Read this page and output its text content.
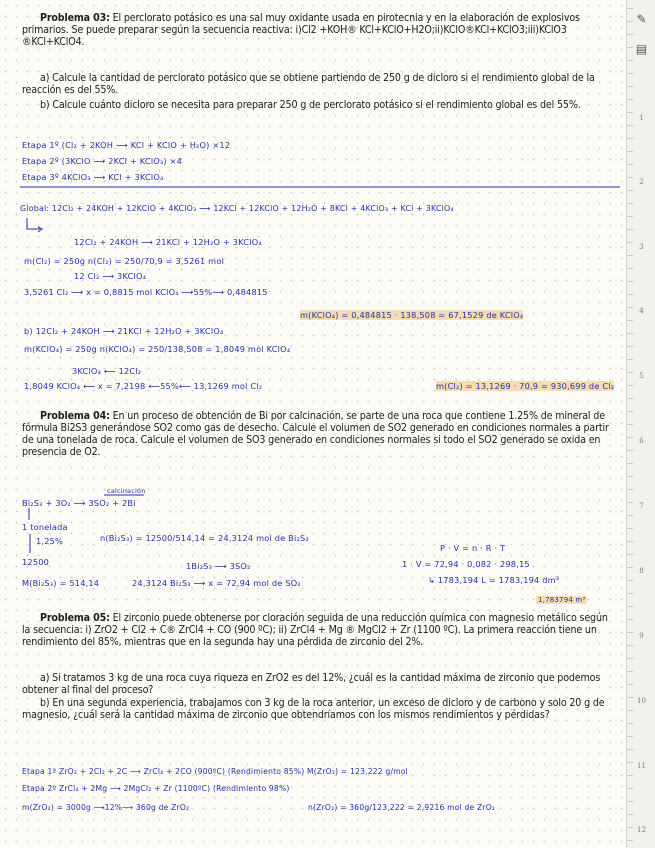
Problema 03: El perclorato potásico es una sal muy oxidante usada en pirotecnia y en la elaboración de explosivos primarios. Se puede preparar según la secuencia reactiva: i)Cl2 +KOH® KCl+KClO+H2O;ii)KClO®KCl+KClO3;iii)KClO3 ®KCl+KClO4.
a) Calcule la cantidad de perclorato potásico que se obtiene partiendo de 250 g de dicloro si el rendimiento global de la reacción es del 55%.
b) Calcule cuánto dicloro se necesita para preparar 250 g de perclorato potásico si el rendimiento global es del 55%.
Etapa 1º (Cl₂ + 2KOH ⟶ KCl + KClO + H₂O) ×12
Etapa 2º (3KClO ⟶ 2KCl + KClO₃) ×4
Etapa 3º 4KClO₃ ⟶ KCl + 3KClO₄
Global: 12Cl₂ + 24KOH + 12KClO + 4KClO₃ ⟶ 12KCl + 12KClO + 12H₂O + 8KCl + 4KClO₃ + KCl + 3KClO₄
12Cl₂ + 24KOH ⟶ 21KCl + 12H₂O + 3KClO₄
m(Cl₂) = 250g n(Cl₂) = 250/70,9 = 3,5261 mol
12 Cl₂ ⟶ 3KClO₄
3,5261 Cl₂ ⟶ x = 0,8815 mol KClO₄ ⟶55%⟶ 0,484815
m(KClO₄) = 0,484815 · 138,508 = 67,1529 de KClO₄
b) 12Cl₂ + 24KOH ⟶ 21KCl + 12H₂O + 3KClO₄
m(KClO₄) = 250g n(KClO₄) = 250/138,508 = 1,8049 mol KClO₄
3KClO₄ ⟵ 12Cl₂
1,8049 KClO₄ ⟵ x = 7,2198 ⟵55%⟵ 13,1269 mol Cl₂	m(Cl₂) = 13,1269 · 70,9 = 930,699 de Cl₂
Problema 04: En un proceso de obtención de Bi por calcinación, se parte de una roca que contiene 1.25% de mineral de fórmula Bi2S3 generándose SO2 como gas de desecho. Calcule el volumen de SO2 generado en condiciones normales a partir de una tonelada de roca. Calcule el volumen de SO3 generado en condiciones normales si todo el SO2 generado se oxida en presencia de O2.
calcinación
Bi₂S₃ + 3O₂ ⟶ 3SO₂ + 2Bi
1 tonelada
1,25%
12500
n(Bi₂S₃) = 12500/514,14 = 24,3124 mol de Bi₂S₃
M(Bi₂S₃) = 514,14
1Bi₂S₃ ⟶ 3SO₂
24,3124 Bi₂S₃ ⟶ x = 72,94 mol de SO₂
P · V = n · R · T
1 · V = 72,94 · 0,082 · 298,15
↳ 1783,194 L = 1783,194 dm³
1,783794 m³
Problema 05: El zirconio puede obtenerse por cloración seguida de una reducción química con magnesio metálico según la secuencia: i) ZrO2 + Cl2 + C® ZrCl4 + CO (900 ºC); ii) ZrCl4 + Mg ® MgCl2 + Zr (1100 ºC). La primera reacción tiene un rendimiento del 85%, mientras que en la segunda hay una pérdida de zirconio del 2%.
a) Si tratamos 3 kg de una roca cuya riqueza en ZrO2 es del 12%, ¿cuál es la cantidad máxima de zirconio que podemos obtener al final del proceso?
b) En una segunda experiencia, trabajamos con 3 kg de la roca anterior, un exceso de dicloro y de carbono y solo 20 g de magnesio, ¿cuál será la cantidad máxima de zirconio que obtendríamos con los mismos rendimientos y pérdidas?
Etapa 1º ZrO₂ + 2Cl₂ + 2C ⟶ ZrCl₄ + 2CO (900ºC) (Rendimiento 85%) M(ZrO₂) = 123,222 g/mol
Etapa 2º ZrCl₄ + 2Mg ⟶ 2MgCl₂ + Zr (1100ºC) (Rendimiento 98%)
m(ZrO₂) = 3000g ⟶12%⟶ 360g de ZrO₂	n(ZrO₂) = 360g/123,222 = 2,9216 mol de ZrO₂
✎
▤
1
2
3
4
5
6
7
8
9
10
11
12
